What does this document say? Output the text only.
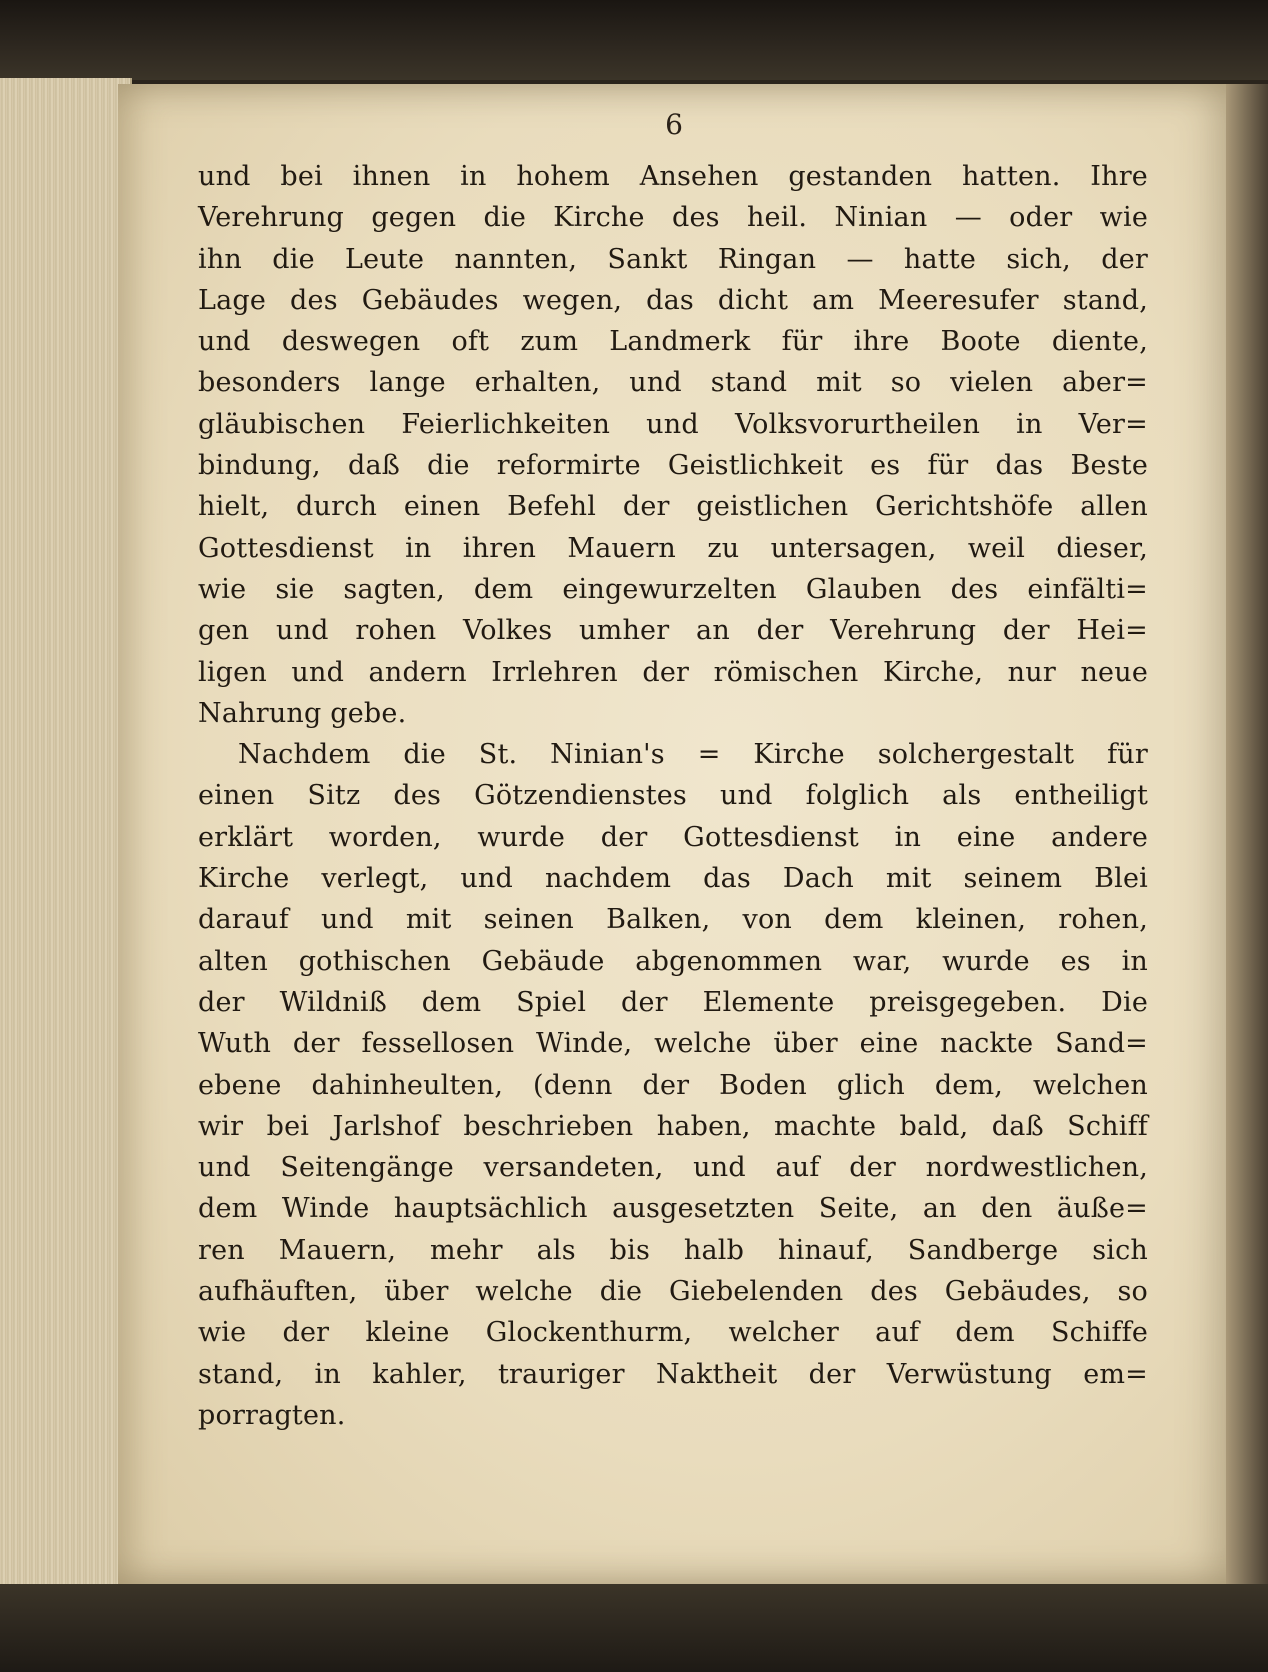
6
und bei ihnen in hohem Ansehen gestanden hatten. Ihre
Verehrung gegen die Kirche des heil. Ninian — oder wie
ihn die Leute nannten, Sankt Ringan — hatte sich, der
Lage des Gebäudes wegen, das dicht am Meeresufer stand,
und deswegen oft zum Landmerk für ihre Boote diente,
besonders lange erhalten, und stand mit so vielen aber=
gläubischen Feierlichkeiten und Volksvorurtheilen in Ver=
bindung, daß die reformirte Geistlichkeit es für das Beste
hielt, durch einen Befehl der geistlichen Gerichtshöfe allen
Gottesdienst in ihren Mauern zu untersagen, weil dieser,
wie sie sagten, dem eingewurzelten Glauben des einfälti=
gen und rohen Volkes umher an der Verehrung der Hei=
ligen und andern Irrlehren der römischen Kirche, nur neue
Nahrung gebe.
Nachdem die St. Ninian's = Kirche solchergestalt für
einen Sitz des Götzendienstes und folglich als entheiligt
erklärt worden, wurde der Gottesdienst in eine andere
Kirche verlegt, und nachdem das Dach mit seinem Blei
darauf und mit seinen Balken, von dem kleinen, rohen,
alten gothischen Gebäude abgenommen war, wurde es in
der Wildniß dem Spiel der Elemente preisgegeben. Die
Wuth der fessellosen Winde, welche über eine nackte Sand=
ebene dahinheulten, (denn der Boden glich dem, welchen
wir bei Jarlshof beschrieben haben, machte bald, daß Schiff
und Seitengänge versandeten, und auf der nordwestlichen,
dem Winde hauptsächlich ausgesetzten Seite, an den äuße=
ren Mauern, mehr als bis halb hinauf, Sandberge sich
aufhäuften, über welche die Giebelenden des Gebäudes, so
wie der kleine Glockenthurm, welcher auf dem Schiffe
stand, in kahler, trauriger Naktheit der Verwüstung em=
porragten.
